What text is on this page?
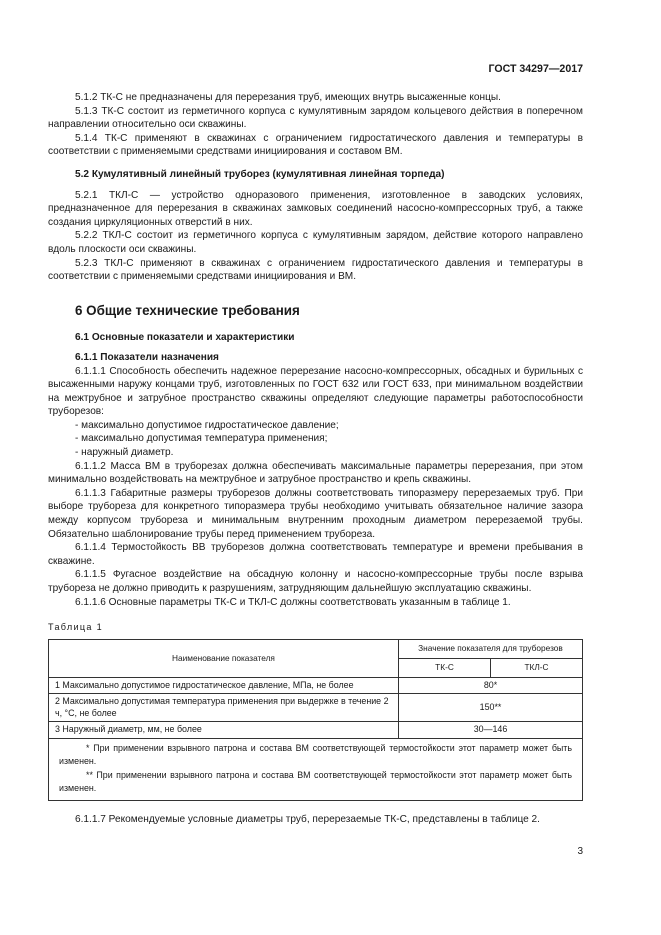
ГОСТ 34297—2017

5.1.2 ТК-С не предназначены для перерезания труб, имеющих внутрь высаженные концы.

5.1.3 ТК-С состоит из герметичного корпуса с кумулятивным зарядом кольцевого действия в поперечном направлении относительно оси скважины.

5.1.4 ТК-С применяют в скважинах с ограничением гидростатического давления и температуры в соответствии с применяемыми средствами инициирования и составом ВМ.

5.2 Кумулятивный линейный труборез (кумулятивная линейная торпеда)

5.2.1 ТКЛ-С — устройство одноразового применения, изготовленное в заводских условиях, предназначенное для перерезания в скважинах замковых соединений насосно-компрессорных труб, а также создания циркуляционных отверстий в них.

5.2.2 ТКЛ-С состоит из герметичного корпуса с кумулятивным зарядом, действие которого направлено вдоль плоскости оси скважины.

5.2.3 ТКЛ-С применяют в скважинах с ограничением гидростатического давления и температуры в соответствии с применяемыми средствами инициирования и ВМ.

6 Общие технические требования
6.1 Основные показатели и характеристики
6.1.1 Показатели назначения

6.1.1.1 Способность обеспечить надежное перерезание насосно-компрессорных, обсадных и бурильных с высаженными наружу концами труб, изготовленных по ГОСТ 632 или ГОСТ 633, при минимальном воздействии на межтрубное и затрубное пространство скважины определяют следующие параметры работоспособности труборезов:

- максимально допустимое гидростатическое давление;
- максимально допустимая температура применения;
- наружный диаметр.

6.1.1.2 Масса ВМ в труборезах должна обеспечивать максимальные параметры перерезания, при этом минимально воздействовать на межтрубное и затрубное пространство и крепь скважины.

6.1.1.3 Габаритные размеры труборезов должны соответствовать типоразмеру перерезаемых труб. При выборе трубореза для конкретного типоразмера трубы необходимо учитывать обязательное наличие зазора между корпусом трубореза и минимальным внутренним проходным диаметром перерезаемой трубы. Обязательно шаблонирование трубы перед применением трубореза.

6.1.1.4 Термостойкость ВВ труборезов должна соответствовать температуре и времени пребывания в скважине.

6.1.1.5 Фугасное воздействие на обсадную колонну и насосно-компрессорные трубы после взрыва трубореза не должно приводить к разрушениям, затрудняющим дальнейшую эксплуатацию скважины.

6.1.1.6 Основные параметры ТК-С и ТКЛ-С должны соответствовать указанным в таблице 1.

Таблица 1
Наименование показателя	Значение показателя для труборезов	
	ТК-С	ТКЛ-С
1 Максимально допустимое гидростатическое давление, МПа, не более	80*	
2 Максимально допустимая температура применения при выдержке в течение 2 ч, °С, не более	150**	
3 Наружный диаметр, мм, не более	30—146	

* При применении взрывного патрона и состава ВМ соответствующей термостойкости этот параметр может быть изменен.

** При применении взрывного патрона и состава ВМ соответствующей термостойкости этот параметр может быть изменен.		

6.1.1.7 Рекомендуемые условные диаметры труб, перерезаемые ТК-С, представлены в таблице 2.

3
